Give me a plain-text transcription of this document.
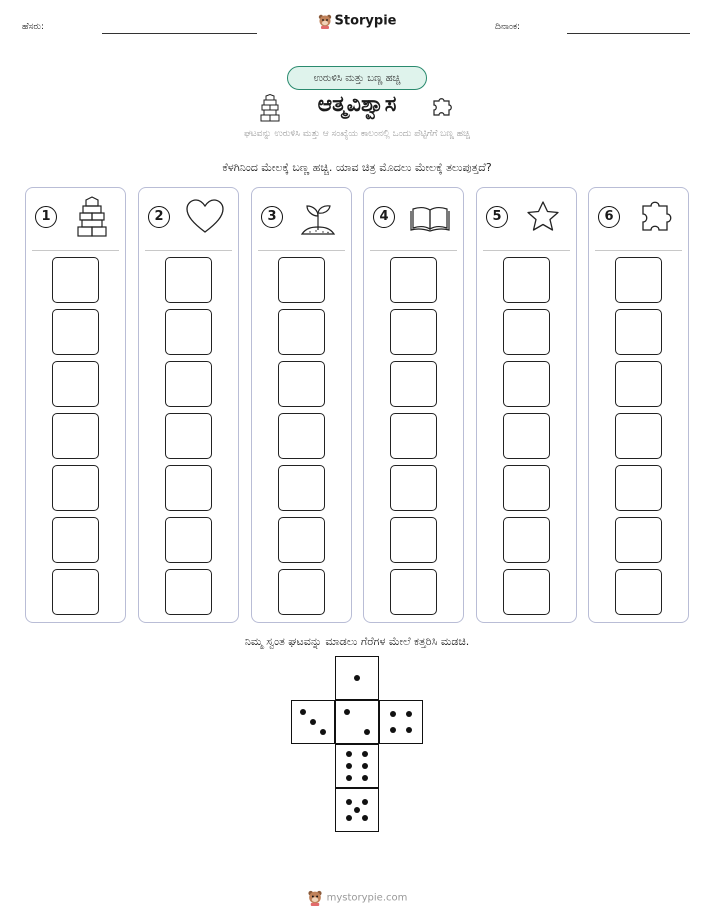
ಹೆಸರು:	Storypie	ದಿನಾಂಕ:
ಉರುಳಿಸಿ ಮತ್ತು ಬಣ್ಣ ಹಚ್ಚಿ
ಆತ್ಮವಿಶ್ವಾಸ
ಘಟವನ್ನು ಉರುಳಿಸಿ ಮತ್ತು ಆ ಸಂಖ್ಯೆಯ ಕಾಲಂನಲ್ಲಿ ಒಂದು ಪೆಟ್ಟಿಗೆಗೆ ಬಣ್ಣ ಹಚ್ಚಿ
ಕೆಳಗಿನಿಂದ ಮೇಲಕ್ಕೆ ಬಣ್ಣ ಹಚ್ಚಿ. ಯಾವ ಚಿತ್ರ ಮೊದಲು ಮೇಲಕ್ಕೆ ತಲುಪುತ್ತದೆ?
1	2	3	4	5	6
ನಿಮ್ಮ ಸ್ವಂತ ಘಟವನ್ನು ಮಾಡಲು ಗೆರೆಗಳ ಮೇಲೆ ಕತ್ತರಿಸಿ ಮಡಚಿ.
mystorypie.com
